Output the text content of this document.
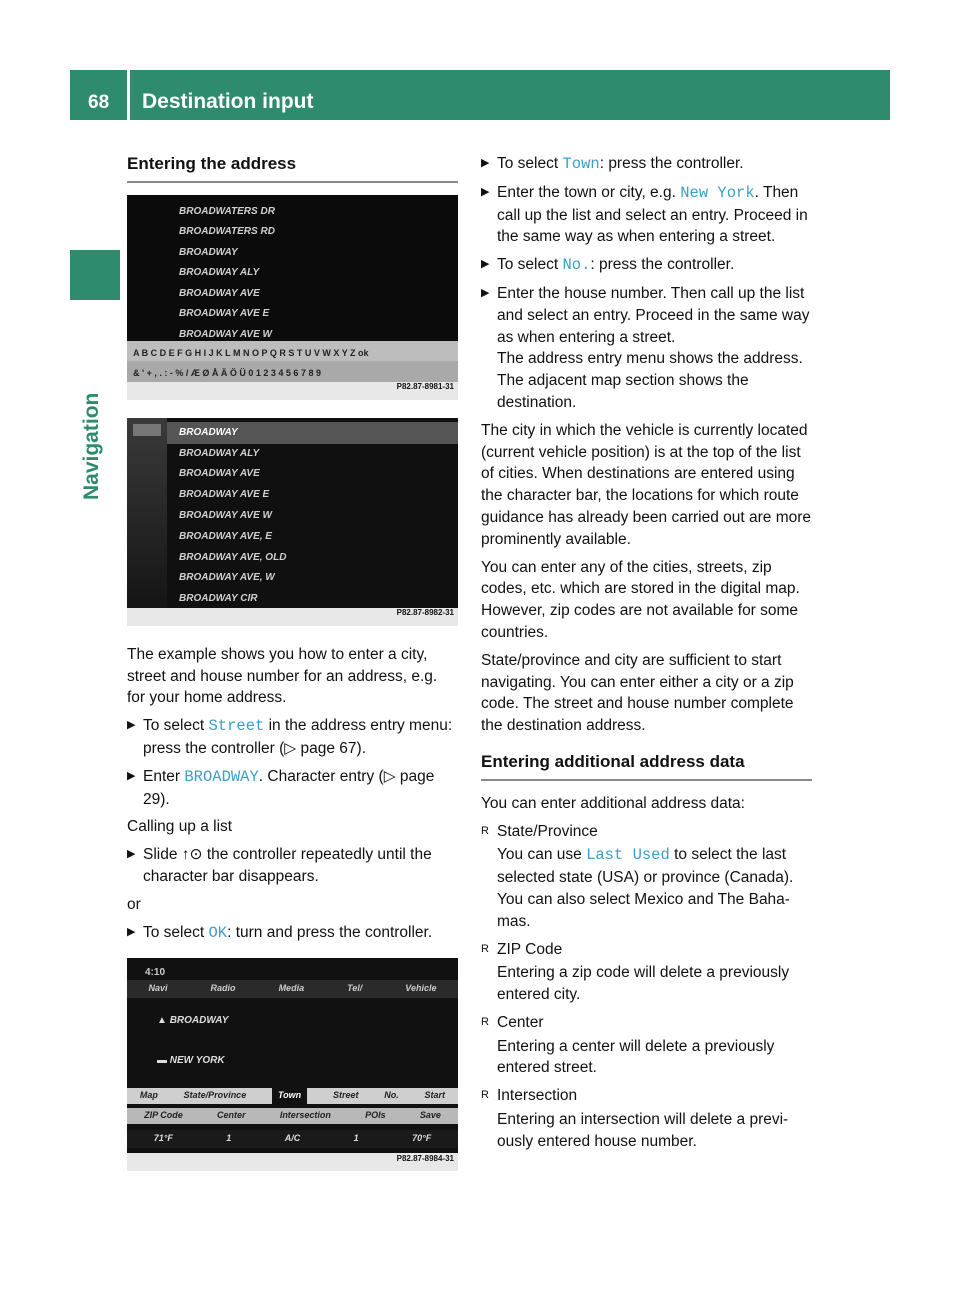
68 Destination input
Navigation
Entering the address
BROADWATERS DR
BROADWATERS RD
BROADWAY
BROADWAY ALY
BROADWAY AVE
BROADWAY AVE E
BROADWAY AVE W
A B C D E F G H I J K L M N O P Q R S T U V W X Y Z ok
& ' + , . : - % / Æ Ø Å Ä Ö Ü 0 1 2 3 4 5 6 7 8 9
P82.87-8981-31
BROADWAY
BROADWAY ALY
BROADWAY AVE
BROADWAY AVE E
BROADWAY AVE W
BROADWAY AVE, E
BROADWAY AVE, OLD
BROADWAY AVE, W
BROADWAY CIR
P82.87-8982-31

The example shows you how to enter a city, street and house number for an address, e.g. for your home address.

▶ To select Street in the address entry menu: press the controller (▷ page 67).
▶ Enter BROADWAY. Character entry (▷ page 29).

Calling up a list

▶ Slide ↑⊙ the controller repeatedly until the character bar disappears.

or

▶ To select OK: turn and press the controller.
4:10
Navi	Radio	Media	Tel/	Vehicle
▲ BROADWAY
▬ NEW YORK
Map	State/Province	Town	Street	No.	Start
ZIP Code	Center	Intersection	POIs	Save
71°F	1	A/C	1	70°F
P82.87-8984-31
▶ To select Town: press the controller.
▶ Enter the town or city, e.g. New York. Then call up the list and select an entry. Proceed in the same way as when entering a street.
▶ To select No.: press the controller.
▶ Enter the house number. Then call up the list and select an entry. Proceed in the same way as when entering a street.
The address entry menu shows the address. The adjacent map section shows the destination.

The city in which the vehicle is currently located (current vehicle position) is at the top of the list of cities. When destinations are entered using the character bar, the locations for which route guidance has already been carried out are more prominently available.

You can enter any of the cities, streets, zip codes, etc. which are stored in the digital map. However, zip codes are not available for some countries.

State/province and city are sufficient to start navigating. You can enter either a city or a zip code. The street and house number complete the destination address.

Entering additional address data

You can enter additional address data:

R State/Province
You can use Last Used to select the last selected state (USA) or province (Canada). You can also select Mexico and The Baha-mas.
R ZIP Code
Entering a zip code will delete a previously entered city.
R Center
Entering a center will delete a previously entered street.
R Intersection
Entering an intersection will delete a previ-ously entered house number.
